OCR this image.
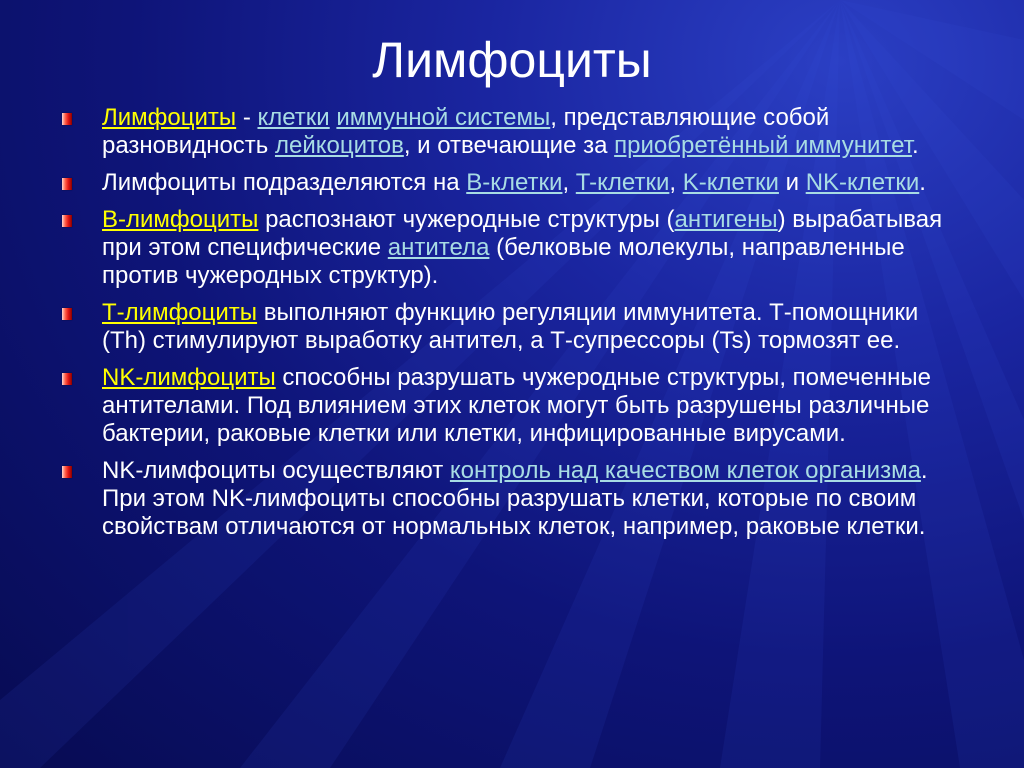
Лимфоциты
Лимфоциты - клетки иммунной системы, представляющие собой разновидность лейкоцитов, и отвечающие за приобретённый иммунитет.
Лимфоциты подразделяются на B-клетки, T-клетки, K-клетки и NK-клетки.
В-лимфоциты распознают чужеродные структуры (антигены) вырабатывая при этом специфические антитела (белковые молекулы, направленные против чужеродных структур).
Т-лимфоциты выполняют функцию регуляции иммунитета. Т-помощники (Th) стимулируют выработку антител, а Т-супрессоры (Ts) тормозят ее.
NK-лимфоциты способны разрушать чужеродные структуры, помеченные антителами. Под влиянием этих клеток могут быть разрушены различные бактерии, раковые клетки или клетки, инфицированные вирусами.
NK-лимфоциты осуществляют контроль над качеством клеток организма. При этом NK-лимфоциты способны разрушать клетки, которые по своим свойствам отличаются от нормальных клеток, например, раковые клетки.
